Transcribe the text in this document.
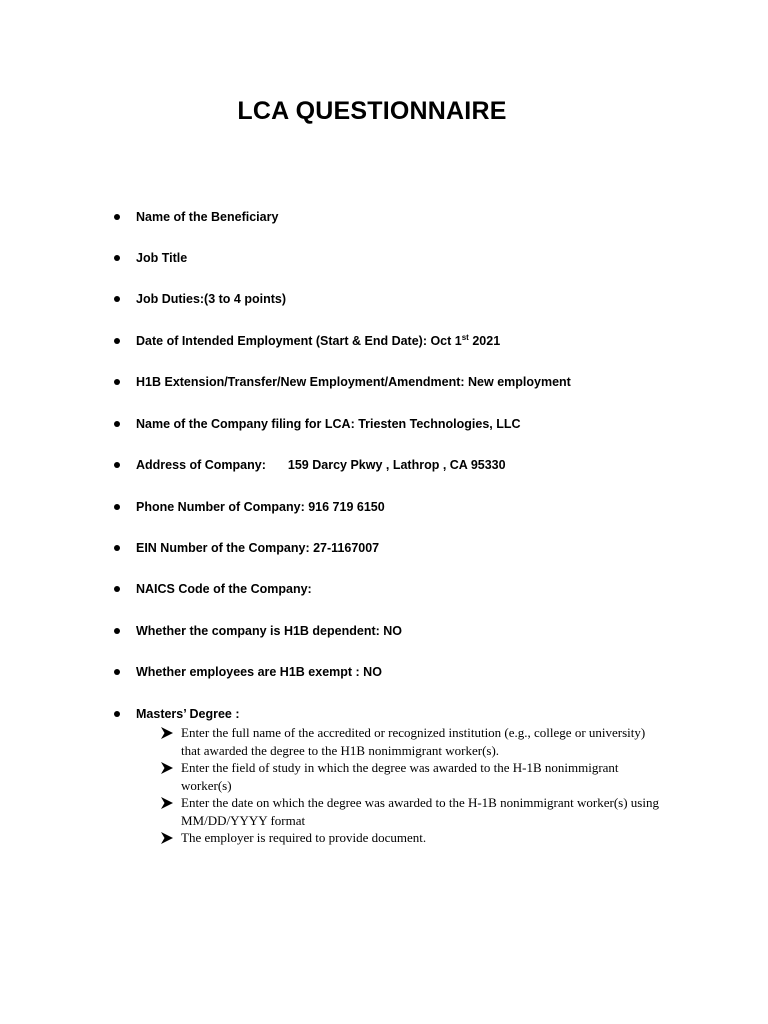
LCA QUESTIONNAIRE
Name of the Beneficiary
Job Title
Job Duties:(3 to 4 points)
Date of Intended Employment (Start & End Date): Oct 1st 2021
H1B Extension/Transfer/New Employment/Amendment: New employment
Name of the Company filing for LCA: Triesten Technologies, LLC
Address of Company: 159 Darcy Pkwy , Lathrop , CA 95330
Phone Number of Company: 916 719 6150
EIN Number of the Company: 27-1167007
NAICS Code of the Company:
Whether the company is H1B dependent: NO
Whether employees are H1B exempt : NO
Masters’ Degree :
Enter the full name of the accredited or recognized institution (e.g., college or university) that awarded the degree to the H1B nonimmigrant worker(s).
Enter the field of study in which the degree was awarded to the H-1B nonimmigrant worker(s)
Enter the date on which the degree was awarded to the H-1B nonimmigrant worker(s) using MM/DD/YYYY format
The employer is required to provide document.
